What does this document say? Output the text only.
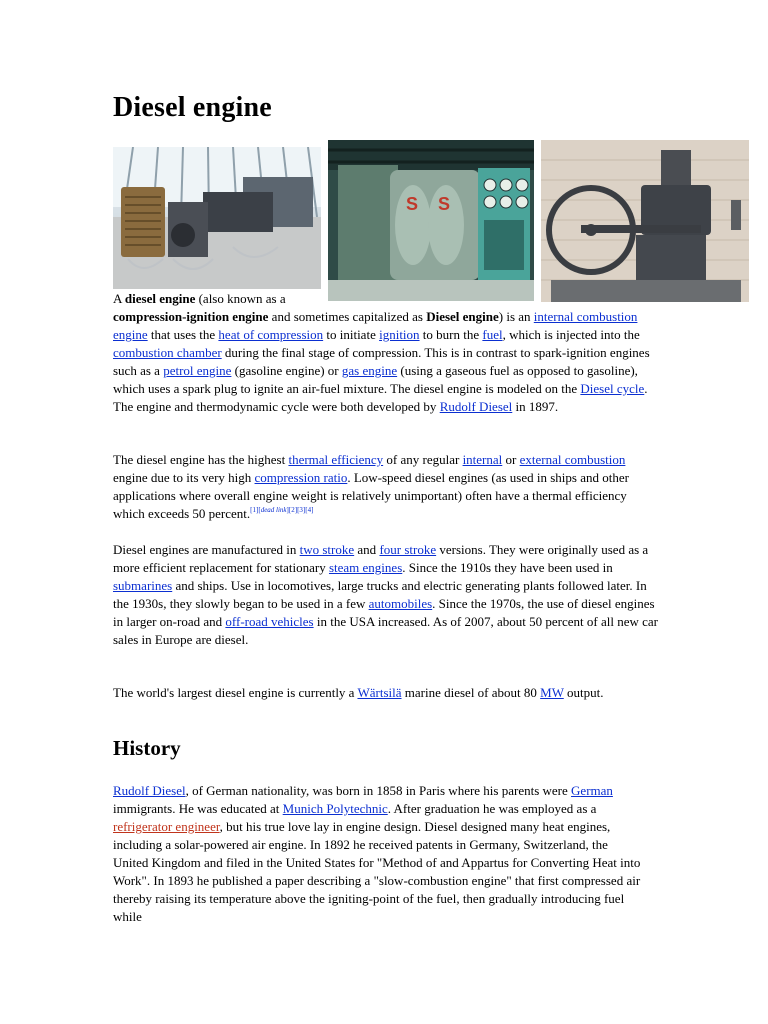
Diesel engine
S S

A diesel engine (also known as a
compression-ignition engine and sometimes capitalized as Diesel engine) is an internal combustion engine that uses the heat of compression to initiate ignition to burn the fuel, which is injected into the combustion chamber during the final stage of compression. This is in contrast to spark-ignition engines such as a petrol engine (gasoline engine) or gas engine (using a gaseous fuel as opposed to gasoline), which uses a spark plug to ignite an air-fuel mixture. The diesel engine is modeled on the Diesel cycle. The engine and thermodynamic cycle were both developed by Rudolf Diesel in 1897.

The diesel engine has the highest thermal efficiency of any regular internal or external combustion engine due to its very high compression ratio. Low-speed diesel engines (as used in ships and other applications where overall engine weight is relatively unimportant) often have a thermal efficiency which exceeds 50 percent.[1][dead link][2][3][4]

Diesel engines are manufactured in two stroke and four stroke versions. They were originally used as a more efficient replacement for stationary steam engines. Since the 1910s they have been used in submarines and ships. Use in locomotives, large trucks and electric generating plants followed later. In the 1930s, they slowly began to be used in a few automobiles. Since the 1970s, the use of diesel engines in larger on-road and off-road vehicles in the USA increased. As of 2007, about 50 percent of all new car sales in Europe are diesel.

The world's largest diesel engine is currently a Wärtsilä marine diesel of about 80 MW output.

History

Rudolf Diesel, of German nationality, was born in 1858 in Paris where his parents were German immigrants. He was educated at Munich Polytechnic. After graduation he was employed as a refrigerator engineer, but his true love lay in engine design. Diesel designed many heat engines, including a solar-powered air engine. In 1892 he received patents in Germany, Switzerland, the United Kingdom and filed in the United States for "Method of and Appartus for Converting Heat into Work". In 1893 he published a paper describing a "slow-combustion engine" that first compressed air thereby raising its temperature above the igniting-point of the fuel, then gradually introducing fuel while
